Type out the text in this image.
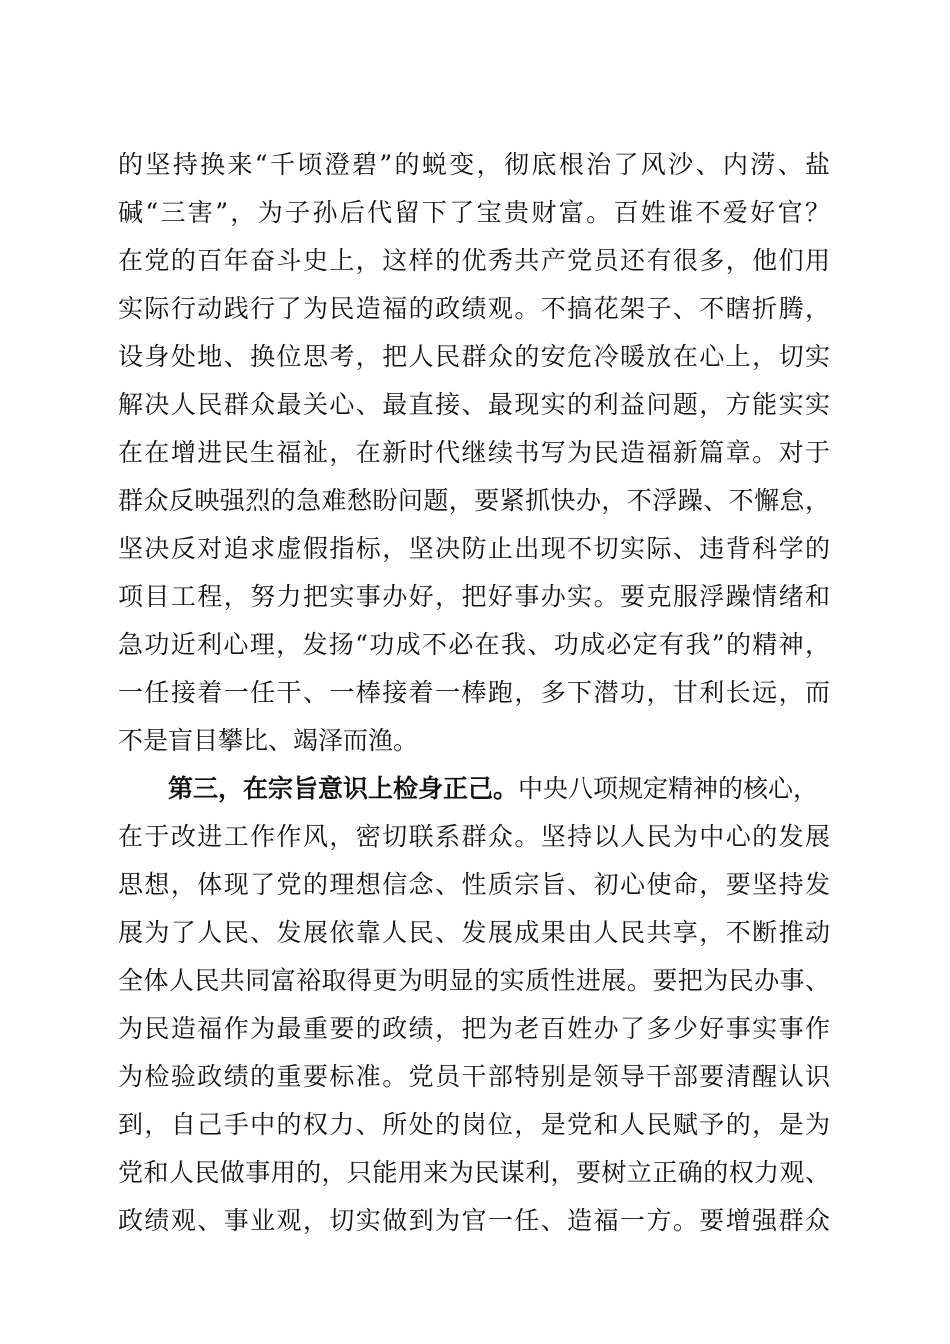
的坚持换来“千顷澄碧”的蜕变，彻底根治了风沙、内涝、盐
碱“三害”，为子孙后代留下了宝贵财富。百姓谁不爱好官？
在党的百年奋斗史上，这样的优秀共产党员还有很多，他们用
实际行动践行了为民造福的政绩观。不搞花架子、不瞎折腾，
设身处地、换位思考，把人民群众的安危冷暖放在心上，切实
解决人民群众最关心、最直接、最现实的利益问题，方能实实
在在增进民生福祉，在新时代继续书写为民造福新篇章。对于
群众反映强烈的急难愁盼问题，要紧抓快办，不浮躁、不懈怠，
坚决反对追求虚假指标，坚决防止出现不切实际、违背科学的
项目工程，努力把实事办好，把好事办实。要克服浮躁情绪和
急功近利心理，发扬“功成不必在我、功成必定有我”的精神，
一任接着一任干、一棒接着一棒跑，多下潜功，甘利长远，而
不是盲目攀比、竭泽而渔。
第三，在宗旨意识上检身正己。中央八项规定精神的核心，
在于改进工作作风，密切联系群众。坚持以人民为中心的发展
思想，体现了党的理想信念、性质宗旨、初心使命，要坚持发
展为了人民、发展依靠人民、发展成果由人民共享，不断推动
全体人民共同富裕取得更为明显的实质性进展。要把为民办事、
为民造福作为最重要的政绩，把为老百姓办了多少好事实事作
为检验政绩的重要标准。党员干部特别是领导干部要清醒认识
到，自己手中的权力、所处的岗位，是党和人民赋予的，是为
党和人民做事用的，只能用来为民谋利，要树立正确的权力观、
政绩观、事业观，切实做到为官一任、造福一方。要增强群众
